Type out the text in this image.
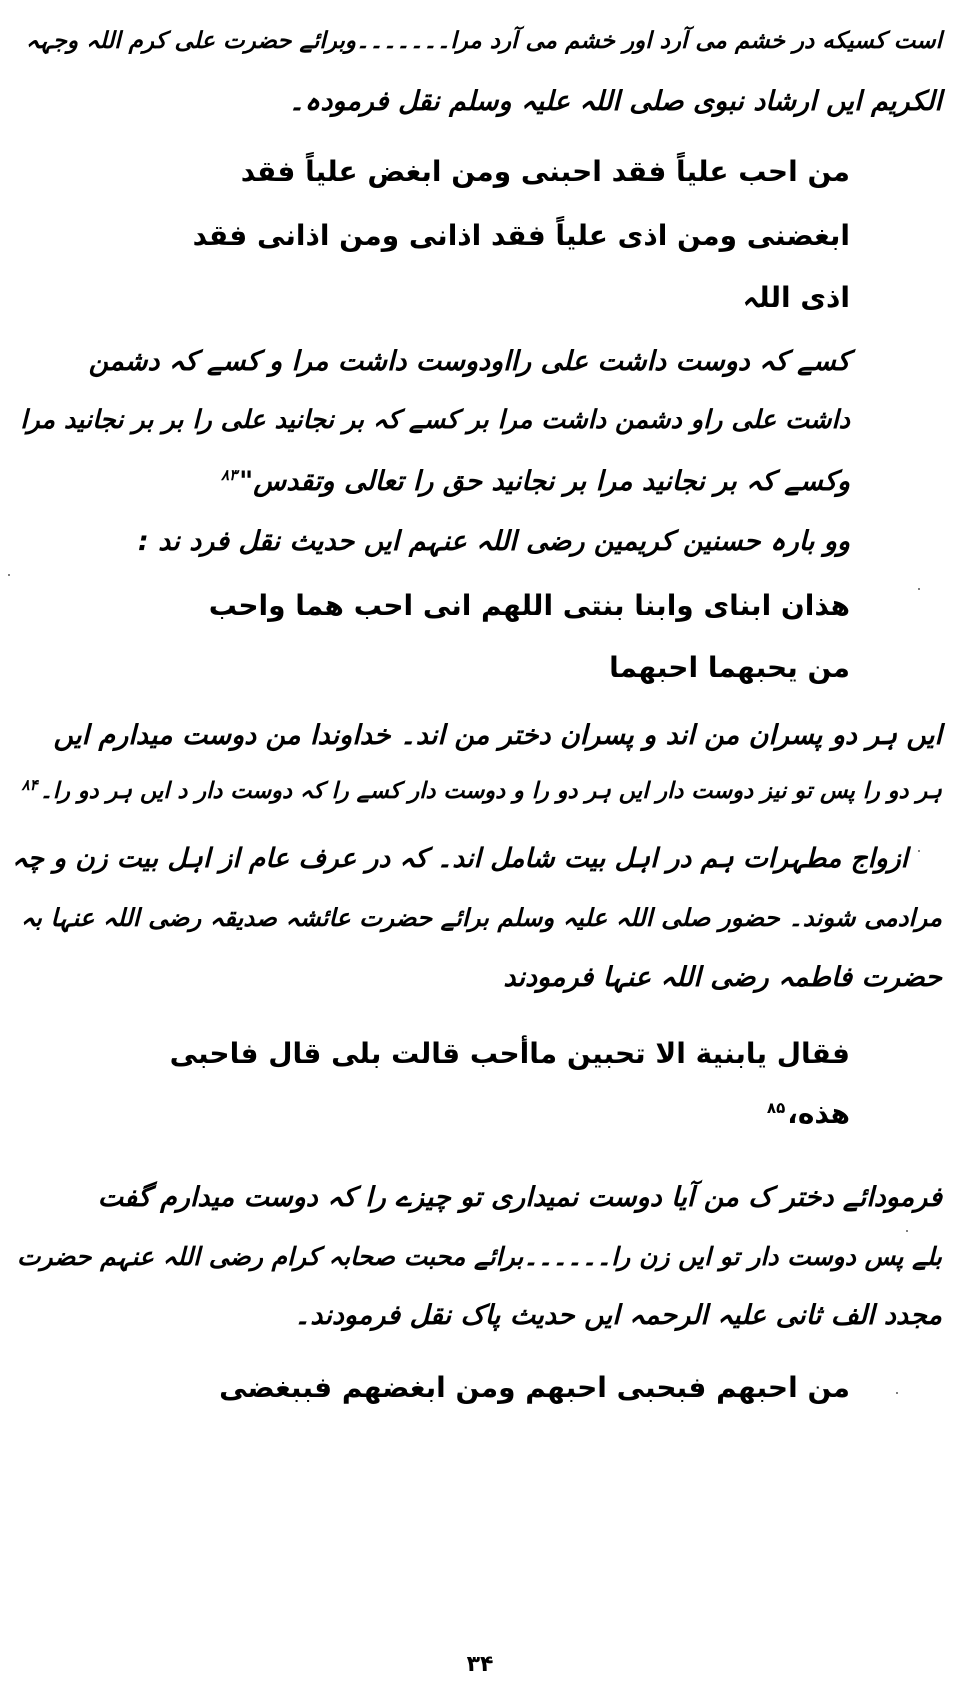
است کسیکه در خشم می آرد اور خشم می آرد مرا۔۔۔۔۔۔۔وبرائے حضرت علی کرم اللہ وجہہ
الکریم ایں ارشاد نبوی صلی اللہ علیہ وسلم نقل فرمودہ۔
من احب علیاً فقد احبنی ومن ابغض علیاً فقد
ابغضنی ومن اذی علیاً فقد اذانی ومن اذانی فقد
اذی اللہ
کسے کہ دوست داشت علی رااودوست داشت مرا و کسے کہ دشمن
داشت علی راو دشمن داشت مرا بر کسے کہ بر نجانید علی را بر بر نجانید مرا
وکسے کہ بر نجانید مرا بر نجانید حق را تعالی وتقدس"$^{۸۳}$
وو بارہ حسنین کریمین رضی اللہ عنہم ایں حدیث نقل فرد ند :
هذان ابنای وابنا بنتی اللهم انی احب هما واحب
من یحبهما احبهما
ایں ہر دو پسران من اند و پسران دختر من اند۔ خداوندا من دوست میدارم ایں
ہر دو را پس تو نیز دوست دار ایں ہر دو را و دوست دار کسے را کہ دوست دار د ایں ہر دو را۔$^{۸۴}$
ازواج مطہرات ہم در اہل بیت شامل اند۔ کہ در عرف عام از اہل بیت زن و چہ
مرادمی شوند۔ حضور صلی اللہ علیہ وسلم برائے حضرت عائشہ صدیقہ رضی اللہ عنہا بہ
حضرت فاطمہ رضی اللہ عنہا فرمودند
فقال یابنیة الا تحبین ماأحب قالت بلی قال فاحبی
هذه،$^{۸۵}$
فرمودائے دختر ک من آیا دوست نمیداری تو چیزے را کہ دوست میدارم گفت
بلے پس دوست دار تو ایں زن را۔۔۔۔۔۔برائے محبت صحابہ کرام رضی اللہ عنہم حضرت
مجدد الف ثانی علیہ الرحمہ ایں حدیث پاک نقل فرمودند۔
من احبهم فبحبی احبهم ومن ابغضهم فببغضی
۳۴
